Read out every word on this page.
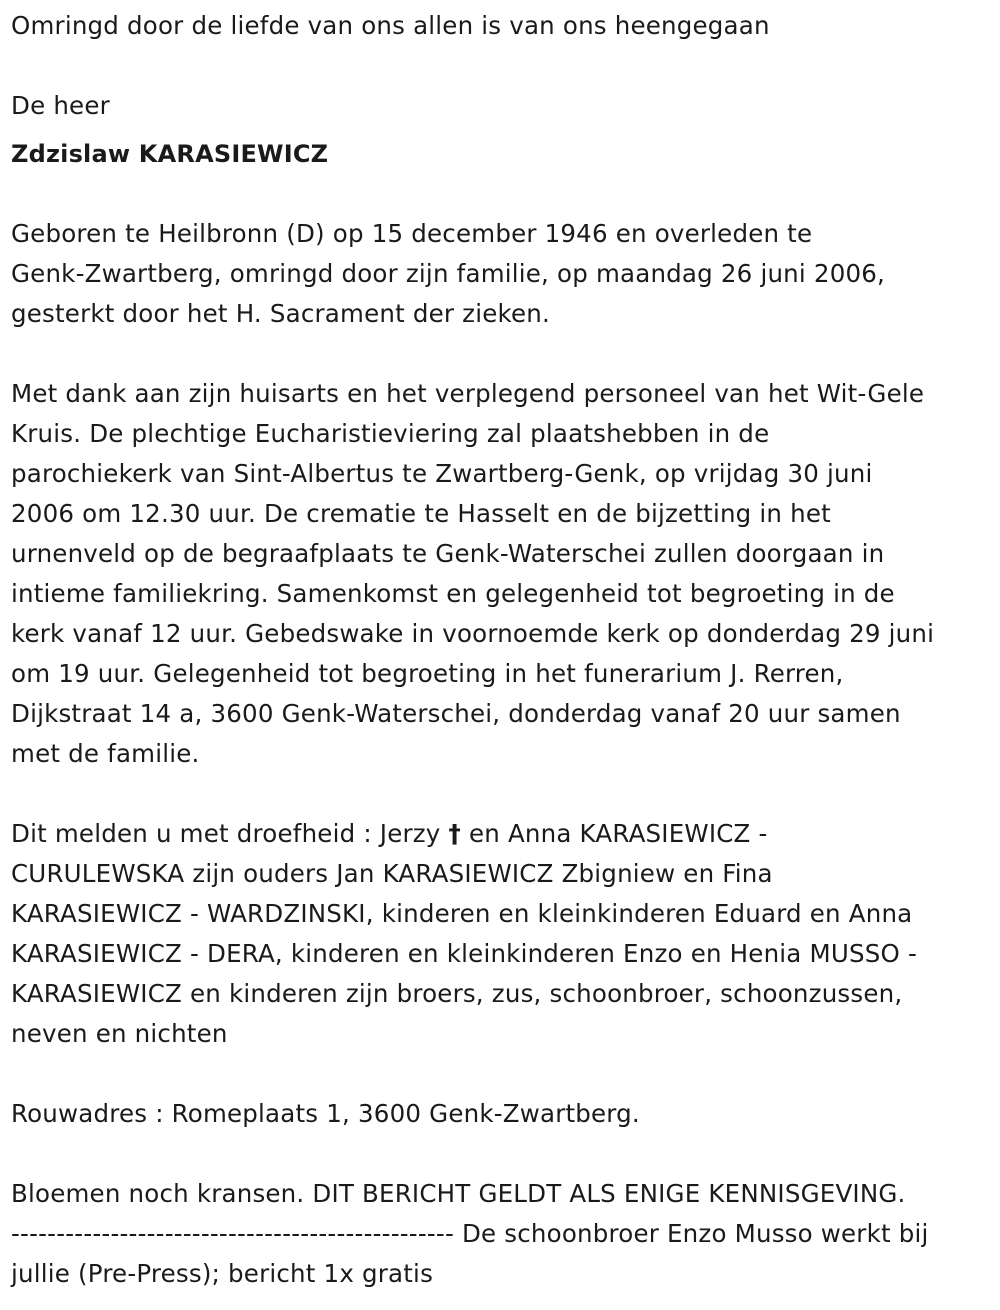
Omringd door de liefde van ons allen is van ons heengegaan

De heer

Zdzislaw KARASIEWICZ

Geboren te Heilbronn (D) op 15 december 1946 en overleden te

Genk-Zwartberg, omringd door zijn familie, op maandag 26 juni 2006,

gesterkt door het H. Sacrament der zieken.

Met dank aan zijn huisarts en het verplegend personeel van het Wit-Gele

Kruis. De plechtige Eucharistieviering zal plaatshebben in de

parochiekerk van Sint-Albertus te Zwartberg-Genk, op vrijdag 30 juni

2006 om 12.30 uur. De crematie te Hasselt en de bijzetting in het

urnenveld op de begraafplaats te Genk-Waterschei zullen doorgaan in

intieme familiekring. Samenkomst en gelegenheid tot begroeting in de

kerk vanaf 12 uur. Gebedswake in voornoemde kerk op donderdag 29 juni

om 19 uur. Gelegenheid tot begroeting in het funerarium J. Rerren,

Dijkstraat 14 a, 3600 Genk-Waterschei, donderdag vanaf 20 uur samen

met de familie.

Dit melden u met droefheid : Jerzy † en Anna KARASIEWICZ -

CURULEWSKA zijn ouders Jan KARASIEWICZ Zbigniew en Fina

KARASIEWICZ - WARDZINSKI, kinderen en kleinkinderen Eduard en Anna

KARASIEWICZ - DERA, kinderen en kleinkinderen Enzo en Henia MUSSO -

KARASIEWICZ en kinderen zijn broers, zus, schoonbroer, schoonzussen,

neven en nichten

Rouwadres : Romeplaats 1, 3600 Genk-Zwartberg.

Bloemen noch kransen. DIT BERICHT GELDT ALS ENIGE KENNISGEVING.

------------------------------------------------- De schoonbroer Enzo Musso werkt bij

jullie (Pre-Press); bericht 1x gratis
